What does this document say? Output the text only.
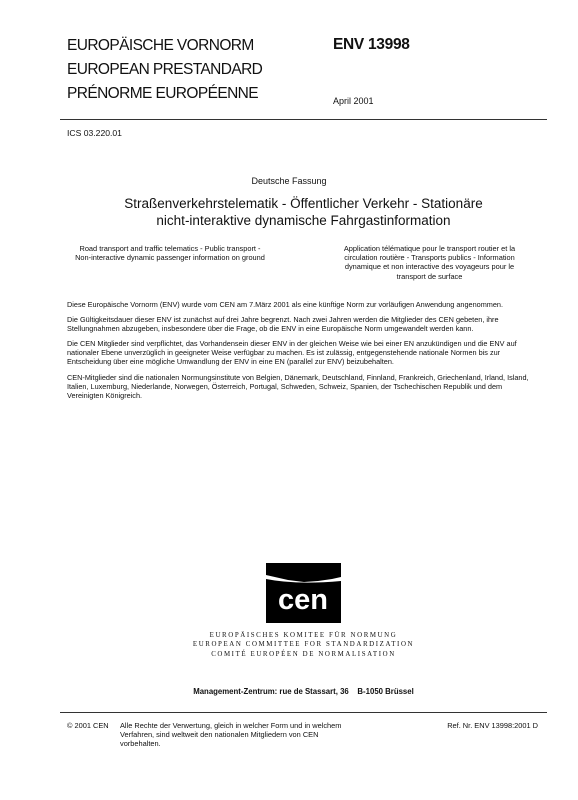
EUROPÄISCHE VORNORM
EUROPEAN PRESTANDARD
PRÉNORME EUROPÉENNE
ENV 13998
April 2001
ICS 03.220.01
Deutsche Fassung
Straßenverkehrstelematik - Öffentlicher Verkehr - Stationäre
nicht-interaktive dynamische Fahrgastinformation
Road transport and traffic telematics - Public transport -
Non-interactive dynamic passenger information on ground
Application télématique pour le transport routier et la
circulation routière - Transports publics - Information
dynamique et non interactive des voyageurs pour le
transport de surface

Diese Europäische Vornorm (ENV) wurde vom CEN am 7.März 2001 als eine künftige Norm zur vorläufigen Anwendung angenommen.

Die Gültigkeitsdauer dieser ENV ist zunächst auf drei Jahre begrenzt. Nach zwei Jahren werden die Mitglieder des CEN gebeten, ihre Stellungnahmen abzugeben, insbesondere über die Frage, ob die ENV in eine Europäische Norm umgewandelt werden kann.

Die CEN Mitglieder sind verpflichtet, das Vorhandensein dieser ENV in der gleichen Weise wie bei einer EN anzukündigen und die ENV auf nationaler Ebene unverzüglich in geeigneter Weise verfügbar zu machen. Es ist zulässig, entgegenstehende nationale Normen bis zur Entscheidung über eine mögliche Umwandlung der ENV in eine EN (parallel zur ENV) beizubehalten.

CEN-Mitglieder sind die nationalen Normungsinstitute von Belgien, Dänemark, Deutschland, Finnland, Frankreich, Griechenland, Irland, Island, Italien, Luxemburg, Niederlande, Norwegen, Österreich, Portugal, Schweden, Schweiz, Spanien, der Tschechischen Republik und dem Vereinigten Königreich.

cen
EUROPÄISCHES KOMITEE FÜR NORMUNG
EUROPEAN COMMITTEE FOR STANDARDIZATION
COMITÉ EUROPÉEN DE NORMALISATION
Management-Zentrum: rue de Stassart, 36    B-1050 Brüssel
© 2001 CEN Alle Rechte der Verwertung, gleich in welcher Form und in welchem
Verfahren, sind weltweit den nationalen Mitgliedern von CEN
vorbehalten.
Ref. Nr. ENV 13998:2001 D
